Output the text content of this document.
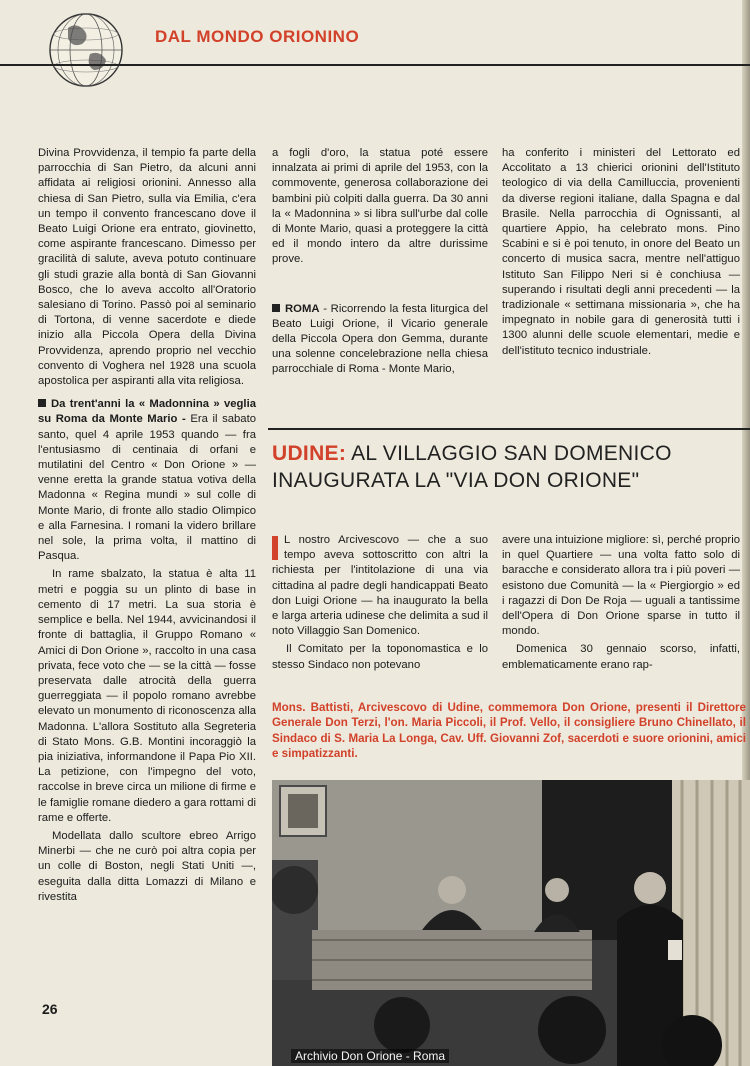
DAL MONDO ORIONINO

Divina Provvidenza, il tempio fa parte della parrocchia di San Pietro, da alcuni anni affidata ai religiosi orionini. Annesso alla chiesa di San Pietro, sulla via Emilia, c'era un tempo il convento francescano dove il Beato Luigi Orione era entrato, giovinetto, come aspirante francescano. Dimesso per gracilità di salute, aveva potuto continuare gli studi grazie alla bontà di San Giovanni Bosco, che lo aveva accolto all'Oratorio salesiano di Torino. Passò poi al seminario di Tortona, di venne sacerdote e diede inizio alla Piccola Opera della Divina Provvidenza, aprendo proprio nel vecchio convento di Voghera nel 1928 una scuola apostolica per aspiranti alla vita religiosa.

Da trent'anni la « Madonnina » veglia su Roma da Monte Mario - Era il sabato santo, quel 4 aprile 1953 quando — fra l'entusiasmo di centinaia di orfani e mutilatini del Centro « Don Orione » — venne eretta la grande statua votiva della Madonna « Regina mundi » sul colle di Monte Mario, di fronte allo stadio Olimpico e alla Farnesina. I romani la videro brillare nel sole, la prima volta, il mattino di Pasqua.

In rame sbalzato, la statua è alta 11 metri e poggia su un plinto di base in cemento di 17 metri. La sua storia è semplice e bella. Nel 1944, avvicinandosi il fronte di battaglia, il Gruppo Romano « Amici di Don Orione », raccolto in una casa privata, fece voto che — se la città — fosse preservata dalle atrocità della guerra guerreggiata — il popolo romano avrebbe elevato un monumento di riconoscenza alla Madonna. L'allora Sostituto alla Segreteria di Stato Mons. G.B. Montini incoraggiò la pia iniziativa, informandone il Papa Pio XII. La petizione, con l'impegno del voto, raccolse in breve circa un milione di firme e le famiglie romane diedero a gara rottami di rame e offerte.

Modellata dallo scultore ebreo Arrigo Minerbi — che ne curò poi altra copia per un colle di Boston, negli Stati Uniti —, eseguita dalla ditta Lomazzi di Milano e rivestita

a fogli d'oro, la statua poté essere innalzata ai primi di aprile del 1953, con la commovente, generosa collaborazione dei bambini più colpiti dalla guerra. Da 30 anni la « Madonnina » si libra sull'urbe dal colle di Monte Mario, quasi a proteggere la città ed il mondo intero da altre durissime prove.

ROMA - Ricorrendo la festa liturgica del Beato Luigi Orione, il Vicario generale della Piccola Opera don Gemma, durante una solenne concelebrazione nella chiesa parrocchiale di Roma - Monte Mario,

ha conferito i ministeri del Lettorato ed Accolitato a 13 chierici orionini dell'Istituto teologico di via della Camilluccia, provenienti da diverse regioni italiane, dalla Spagna e dal Brasile. Nella parrocchia di Ognissanti, al quartiere Appio, ha celebrato mons. Pino Scabini e si è poi tenuto, in onore del Beato un concerto di musica sacra, mentre nell'attiguo Istituto San Filippo Neri si è conchiusa — superando i risultati degli anni precedenti — la tradizionale « settimana missionaria », che ha impegnato in nobile gara di generosità tutti i 1300 alunni delle scuole elementari, medie e dell'istituto tecnico industriale.

UDINE: AL VILLAGGIO SAN DOMENICO
INAUGURATA LA "VIA DON ORIONE"

L nostro Arcivescovo — che a suo tempo aveva sottoscritto con altri la richiesta per l'intitolazione di una via cittadina al padre degli handicappati Beato don Luigi Orione — ha inaugurato la bella e larga arteria udinese che delimita a sud il noto Villaggio San Domenico.

Il Comitato per la toponomastica e lo stesso Sindaco non potevano

avere una intuizione migliore: sì, perché proprio in quel Quartiere — una volta fatto solo di baracche e considerato allora tra i più poveri — esistono due Comunità — la « Piergiorgio » ed i ragazzi di Don De Roja — uguali a tantissime dell'Opera di Don Orione sparse in tutto il mondo.

Domenica 30 gennaio scorso, infatti, emblematicamente erano rap-

Mons. Battisti, Arcivescovo di Udine, commemora Don Orione, presenti il Direttore Generale Don Terzi, l'on. Maria Piccoli, il Prof. Vello, il consigliere Bruno Chinellato, il Sindaco di S. Maria La Longa, Cav. Uff. Giovanni Zof, sacerdoti e suore orionini, amici e simpatizzanti.
Archivio Don Orione - Roma
26
